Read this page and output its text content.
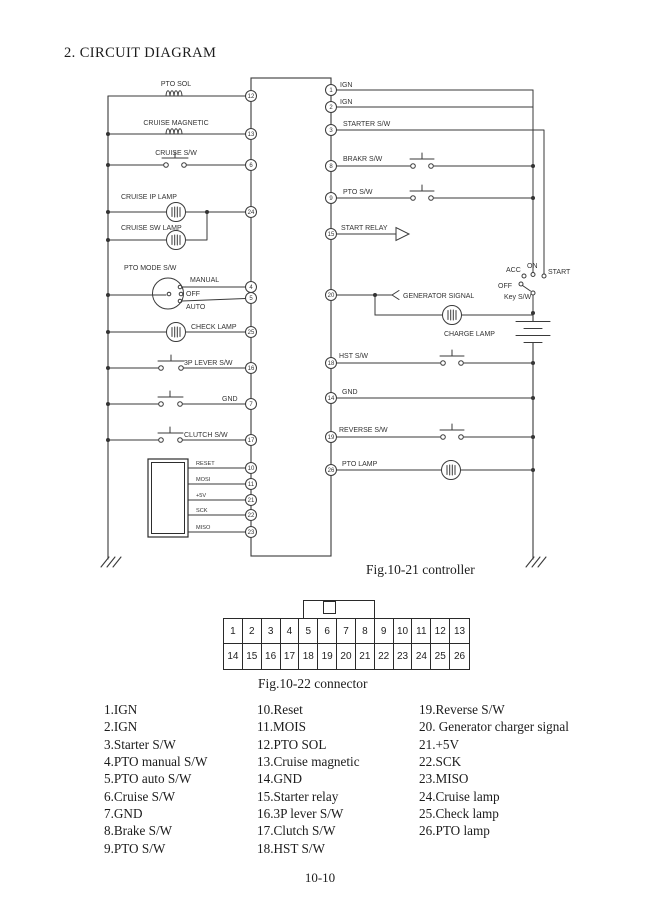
2. CIRCUIT DIAGRAM
12
13
6
24
4
5
25
16
7
17
10
11
21
22
23
1
2
3
8
9
15
20
18
14
19
26
PTO SOL
CRUISE MAGNETIC
CRUISE S/W
CRUISE IP LAMP
CRUISE SW LAMP
PTO MODE S/W
MANUAL
OFF
AUTO
CHECK LAMP
3P LEVER S/W
GND
CLUTCH S/W
RESET
MOSI
+5V
SCK
MISO
IGN
IGN
STARTER S/W
BRAKR S/W
PTO S/W
START RELAY
GENERATOR SIGNAL
CHARGE LAMP
ACC
ON
START
OFF
Key S/W
HST S/W
GND
REVERSE S/W
PTO LAMP
Fig.10-21 controller
1	2	3	4	5	6	7	8	9	10 11 12 13
14 15 16 17 18 19 20 21 22 23 24 25 26
Fig.10-22 connector
1.IGN
2.IGN
3.Starter S/W
4.PTO manual S/W
5.PTO auto S/W
6.Cruise S/W
7.GND
8.Brake S/W
9.PTO S/W
10.Reset
11.MOIS
12.PTO SOL
13.Cruise magnetic
14.GND
15.Starter relay
16.3P lever S/W
17.Clutch S/W
18.HST S/W
19.Reverse S/W
20. Generator charger signal
21.+5V
22.SCK
23.MISO
24.Cruise lamp
25.Check lamp
26.PTO lamp
10-10
